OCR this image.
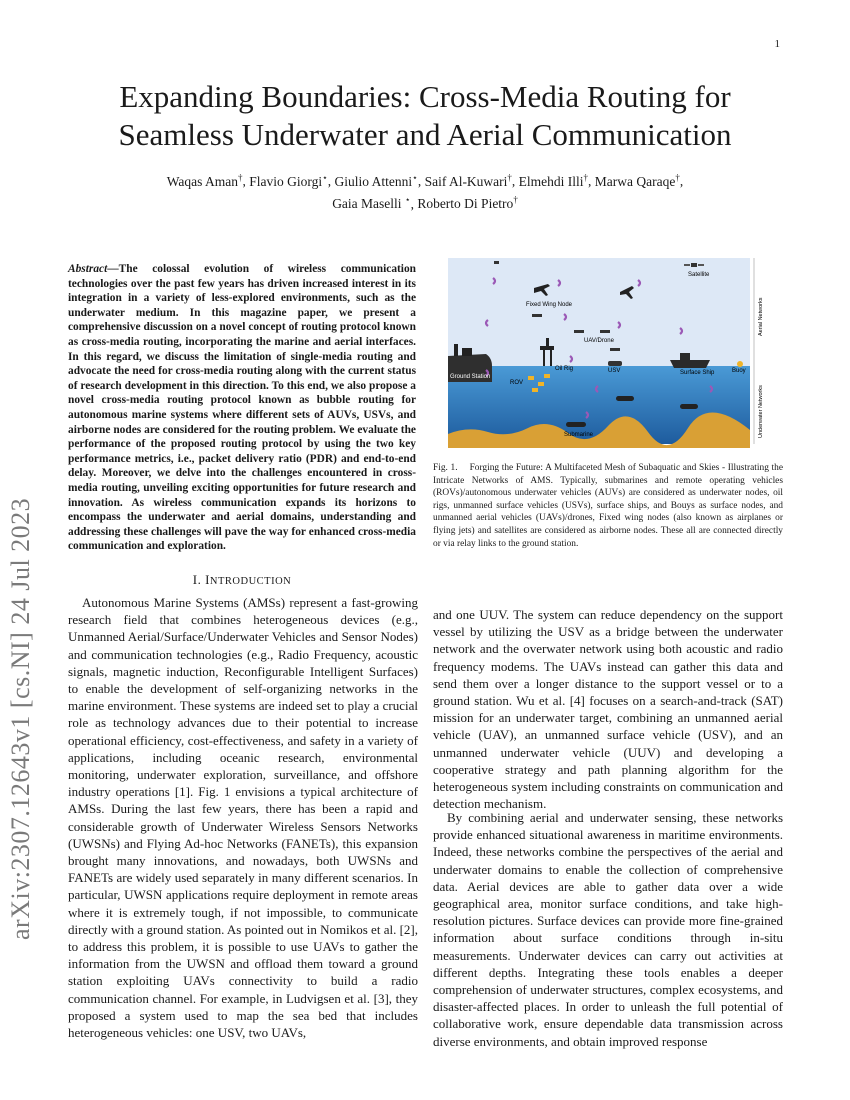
1
arXiv:2307.12643v1 [cs.NI] 24 Jul 2023
Expanding Boundaries: Cross-Media Routing for Seamless Underwater and Aerial Communication
Waqas Aman†, Flavio Giorgi⋆, Giulio Attenni⋆, Saif Al-Kuwari†, Elmehdi Illi†, Marwa Qaraqe†,
Gaia Maselli ⋆, Roberto Di Pietro†

Abstract—The colossal evolution of wireless communication technologies over the past few years has driven increased interest in its integration in a variety of less-explored environments, such as the underwater medium. In this magazine paper, we present a comprehensive discussion on a novel concept of routing protocol known as cross-media routing, incorporating the marine and aerial interfaces. In this regard, we discuss the limitation of single-media routing and advocate the need for cross-media routing along with the current status of research development in this direction. To this end, we also propose a novel cross-media routing protocol known as bubble routing for autonomous marine systems where different sets of AUVs, USVs, and airborne nodes are considered for the routing problem. We evaluate the performance of the proposed routing protocol by using the two key performance metrics, i.e., packet delivery ratio (PDR) and end-to-end delay. Moreover, we delve into the challenges encountered in cross-media routing, unveiling exciting opportunities for future research and innovation. As wireless communication expands its horizons to encompass the underwater and aerial domains, understanding and addressing these challenges will pave the way for enhanced cross-media communication and exploration.

I. INTRODUCTION
Autonomous Marine Systems (AMSs) represent a fast-growing research field that combines heterogeneous devices (e.g., Unmanned Aerial/Surface/Underwater Vehicles and Sensor Nodes) and communication technologies (e.g., Radio Frequency, acoustic signals, magnetic induction, Reconfigurable Intelligent Surfaces) to enable the development of self-organizing networks in the marine environment. These systems are indeed set to play a crucial role as technology advances due to their potential to increase operational efficiency, cost-effectiveness, and safety in a variety of applications, including oceanic research, environmental monitoring, underwater exploration, surveillance, and offshore industry operations [1]. Fig. 1 envisions a typical architecture of AMSs. During the last few years, there has been a rapid and considerable growth of Underwater Wireless Sensors Networks (UWSNs) and Flying Ad-hoc Networks (FANETs), this expansion brought many innovations, and nowadays, both UWSNs and FANETs are widely used separately in many different scenarios. In particular, UWSN applications require deployment in remote areas where it is extremely tough, if not impossible, to communicate directly with a ground station. As pointed out in Nomikos et al. [2], to address this problem, it is possible to use UAVs to gather the information from the UWSN and offload them toward a ground station exploiting UAVs connectivity to build a radio communication channel. For example, in Ludvigsen et al. [3], they proposed a system used to map the sea bed that includes heterogeneous vehicles: one USV, two UAVs,
Satellite
Fixed Wing Node
UAV/Drone
Oil Rig	USV	Surface Ship	Buoy
Ground Station
ROV
Submarine
Aerial Networks
Underwater Networks
Fig. 1.  Forging the Future: A Multifaceted Mesh of Subaquatic and Skies - Illustrating the Intricate Networks of AMS. Typically, submarines and remote operating vehicles (ROVs)/autonomous underwater vehicles (AUVs) are considered as underwater nodes, oil rigs, unmanned surface vehicles (USVs), surface ships, and Bouys as surface nodes, and unmanned aerial vehicles (UAVs)/drones, Fixed wing nodes (also known as airplanes or flying jets) and satellites are considered as airborne nodes. These all are connected directly or via relay links to the ground station.
and one UUV. The system can reduce dependency on the support vessel by utilizing the USV as a bridge between the underwater network and the overwater network using both acoustic and radio frequency modems. The UAVs instead can gather this data and send them over a longer distance to the support vessel or to a ground station. Wu et al. [4] focuses on a search-and-track (SAT) mission for an underwater target, combining an unmanned aerial vehicle (UAV), an unmanned surface vehicle (USV), and an unmanned underwater vehicle (UUV) and developing a cooperative strategy and path planning algorithm for the heterogeneous system including constraints on communication and detection mechanism.
By combining aerial and underwater sensing, these networks provide enhanced situational awareness in maritime environments. Indeed, these networks combine the perspectives of the aerial and underwater domains to enable the collection of comprehensive data. Aerial devices are able to gather data over a wide geographical area, monitor surface conditions, and take high-resolution pictures. Surface devices can provide more fine-grained information about surface conditions through in-situ measurements. Underwater devices can carry out activities at different depths. Integrating these tools enables a deeper comprehension of underwater structures, complex ecosystems, and disaster-affected places. In order to unleash the full potential of collaborative work, ensure dependable data transmission across diverse environments, and obtain improved response
